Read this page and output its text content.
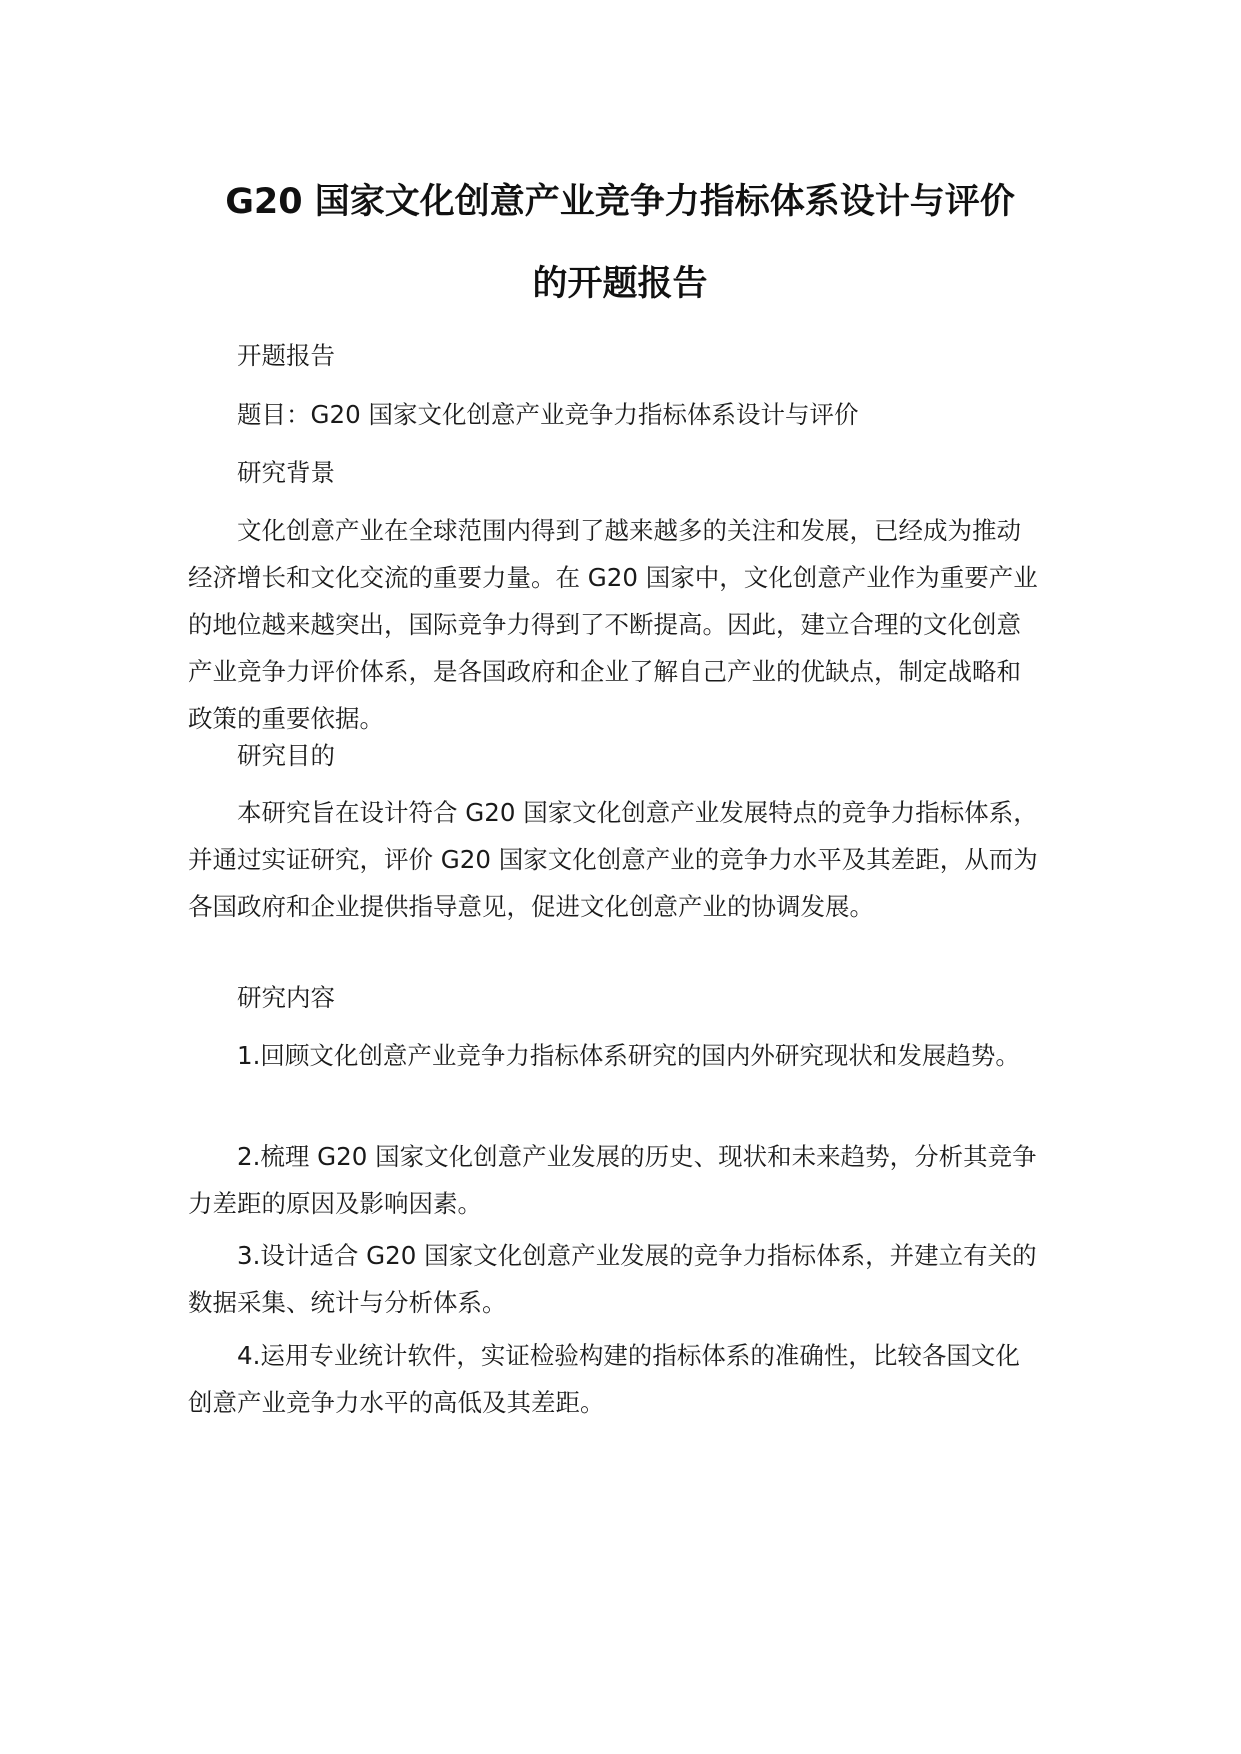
G20 国家文化创意产业竞争力指标体系设计与评价
的开题报告

开题报告

题目：G20 国家文化创意产业竞争力指标体系设计与评价

研究背景

文化创意产业在全球范围内得到了越来越多的关注和发展，已经成为推动经济增长和文化交流的重要力量。在 G20 国家中，文化创意产业作为重要产业的地位越来越突出，国际竞争力得到了不断提高。因此，建立合理的文化创意产业竞争力评价体系，是各国政府和企业了解自己产业的优缺点，制定战略和政策的重要依据。

研究目的

本研究旨在设计符合 G20 国家文化创意产业发展特点的竞争力指标体系，并通过实证研究，评价 G20 国家文化创意产业的竞争力水平及其差距，从而为各国政府和企业提供指导意见，促进文化创意产业的协调发展。

研究内容

1.回顾文化创意产业竞争力指标体系研究的国内外研究现状和发展趋势。

2.梳理 G20 国家文化创意产业发展的历史、现状和未来趋势，分析其竞争力差距的原因及影响因素。

3.设计适合 G20 国家文化创意产业发展的竞争力指标体系，并建立有关的数据采集、统计与分析体系。

4.运用专业统计软件，实证检验构建的指标体系的准确性，比较各国文化创意产业竞争力水平的高低及其差距。
